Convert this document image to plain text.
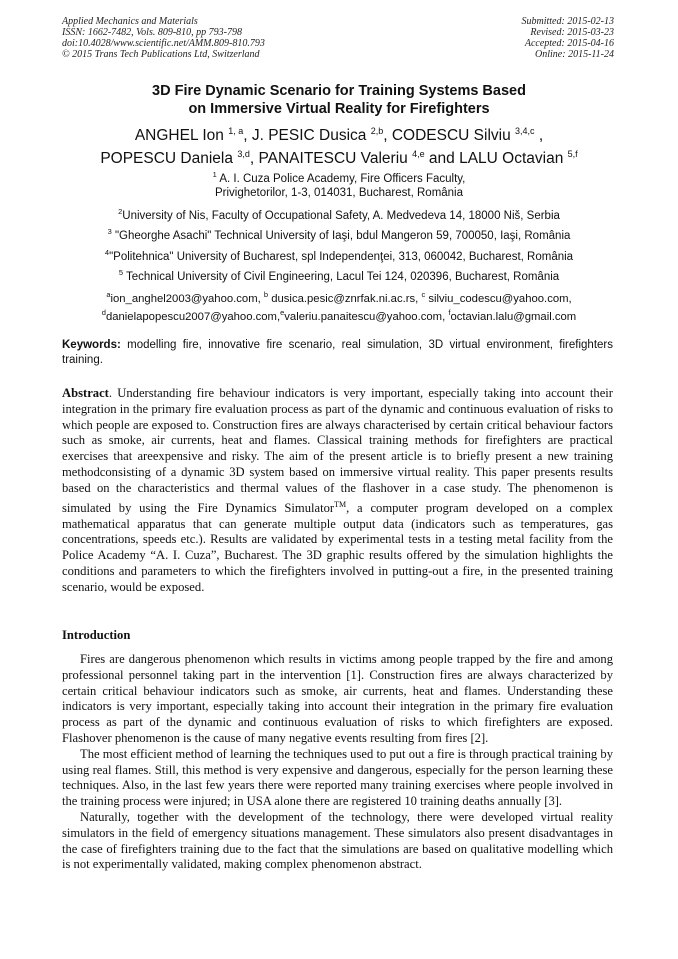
Applied Mechanics and Materials
ISSN: 1662-7482, Vols. 809-810, pp 793-798
doi:10.4028/www.scientific.net/AMM.809-810.793
© 2015 Trans Tech Publications Ltd, Switzerland
Submitted: 2015-02-13
Revised: 2015-03-23
Accepted: 2015-04-16
Online: 2015-11-24
3D Fire Dynamic Scenario for Training Systems Based
on Immersive Virtual Reality for Firefighters
ANGHEL Ion $^{1, a}$, J. PESIC Dusica $^{2,b}$, CODESCU Silviu $^{3,4,c}$ ,
POPESCU Daniela $^{3,d}$, PANAITESCU Valeriu $^{4,e}$ and LALU Octavian $^{5,f}$
$^1$ A. I. Cuza Police Academy, Fire Officers Faculty,
Privighetorilor, 1-3, 014031, Bucharest, România
$^2$University of Nis, Faculty of Occupational Safety, A. Medvedeva 14, 18000 Niš, Serbia
$^3$ "Gheorghe Asachi" Technical University of Iaşi, bdul Mangeron 59, 700050, Iaşi, România
$^4$"Politehnica" University of Bucharest, spl Independenţei, 313, 060042, Bucharest, România
$^5$ Technical University of Civil Engineering, Lacul Tei 124, 020396, Bucharest, România
$^a$ion_anghel2003@yahoo.com, $^b$ dusica.pesic@znrfak.ni.ac.rs, $^c$ silviu_codescu@yahoo.com,
$^d$danielapopescu2007@yahoo.com,$^e$valeriu.panaitescu@yahoo.com, $^f$octavian.lalu@gmail.com
Keywords: modelling fire, innovative fire scenario, real simulation, 3D virtual environment, firefighters training.
Abstract. Understanding fire behaviour indicators is very important, especially taking into account their integration in the primary fire evaluation process as part of the dynamic and continuous evaluation of risks to which people are exposed to. Construction fires are always characterised by certain critical behaviour factors such as smoke, air currents, heat and flames. Classical training methods for firefighters are practical exercises that areexpensive and risky. The aim of the present article is to briefly present a new training methodconsisting of a dynamic 3D system based on immersive virtual reality. This paper presents results based on the characteristics and thermal values of the flashover in a case study. The phenomenon is simulated by using the Fire Dynamics Simulator™, a computer program developed on a complex mathematical apparatus that can generate multiple output data (indicators such as temperatures, gas concentrations, speeds etc.). Results are validated by experimental tests in a testing metal facility from the Police Academy “A. I. Cuza”, Bucharest. The 3D graphic results offered by the simulation highlights the conditions and parameters to which the firefighters involved in putting-out a fire, in the presented training scenario, would be exposed.
Introduction

Fires are dangerous phenomenon which results in victims among people trapped by the fire and among professional personnel taking part in the intervention [1]. Construction fires are always characterized by certain critical behaviour indicators such as smoke, air currents, heat and flames. Understanding these indicators is very important, especially taking into account their integration in the primary fire evaluation process as part of the dynamic and continuous evaluation of risks to which firefighters are exposed. Flashover phenomenon is the cause of many negative events resulting from fires [2].

The most efficient method of learning the techniques used to put out a fire is through practical training by using real flames. Still, this method is very expensive and dangerous, especially for the person learning these techniques. Also, in the last few years there were reported many training exercises where people involved in the training process were injured; in USA alone there are registered 10 training deaths annually [3].

Naturally, together with the development of the technology, there were developed virtual reality simulators in the field of emergency situations management. These simulators also present disadvantages in the case of firefighters training due to the fact that the simulations are based on qualitative modelling which is not experimentally validated, making complex phenomenon abstract.
